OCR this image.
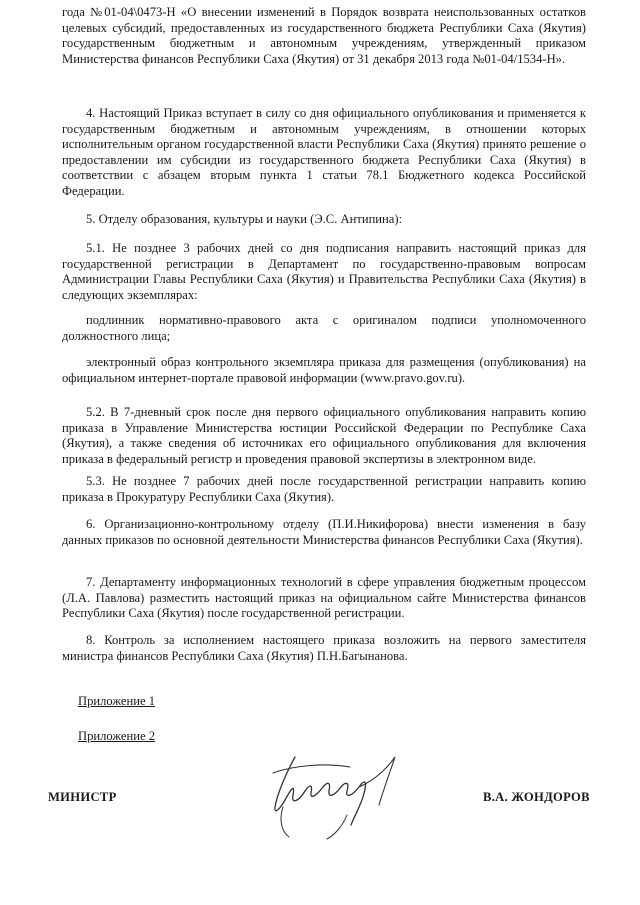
года №01-04\0473-Н «О внесении изменений в Порядок возврата неиспользованных остатков целевых субсидий, предоставленных из государственного бюджета Республики Саха (Якутия) государственным бюджетным и автономным учреждениям, утвержденный приказом Министерства финансов Республики Саха (Якутия) от 31 декабря 2013 года №01-04/1534-Н».

4. Настоящий Приказ вступает в силу со дня официального опубликования и применяется к государственным бюджетным и автономным учреждениям, в отношении которых исполнительным органом государственной власти Республики Саха (Якутия) принято решение о предоставлении им субсидии из государственного бюджета Республики Саха (Якутия) в соответствии с абзацем вторым пункта 1 статьи 78.1 Бюджетного кодекса Российской Федерации.

5. Отделу образования, культуры и науки (Э.С. Антипина):

5.1. Не позднее 3 рабочих дней со дня подписания направить настоящий приказ для государственной регистрации в Департамент по государственно-правовым вопросам Администрации Главы Республики Саха (Якутия) и Правительства Республики Саха (Якутия) в следующих экземплярах:

подлинник нормативно-правового акта с оригиналом подписи уполномоченного должностного лица;

электронный образ контрольного экземпляра приказа для размещения (опубликования) на официальном интернет-портале правовой информации (www.pravo.gov.ru).

5.2. В 7-дневный срок после дня первого официального опубликования направить копию приказа в Управление Министерства юстиции Российской Федерации по Республике Саха (Якутия), а также сведения об источниках его официального опубликования для включения приказа в федеральный регистр и проведения правовой экспертизы в электронном виде.

5.3. Не позднее 7 рабочих дней после государственной регистрации направить копию приказа в Прокуратуру Республики Саха (Якутия).

6. Организационно-контрольному отделу (П.И.Никифорова) внести изменения в базу данных приказов по основной деятельности Министерства финансов Республики Саха (Якутия).

7. Департаменту информационных технологий в сфере управления бюджетным процессом (Л.А. Павлова) разместить настоящий приказ на официальном сайте Министерства финансов Республики Саха (Якутия) после государственной регистрации.

8. Контроль за исполнением настоящего приказа возложить на первого заместителя министра финансов Республики Саха (Якутия) П.Н.Багынанова.

Приложение 1
Приложение 2
МИНИСТР	В.А. ЖОНДОРОВ
